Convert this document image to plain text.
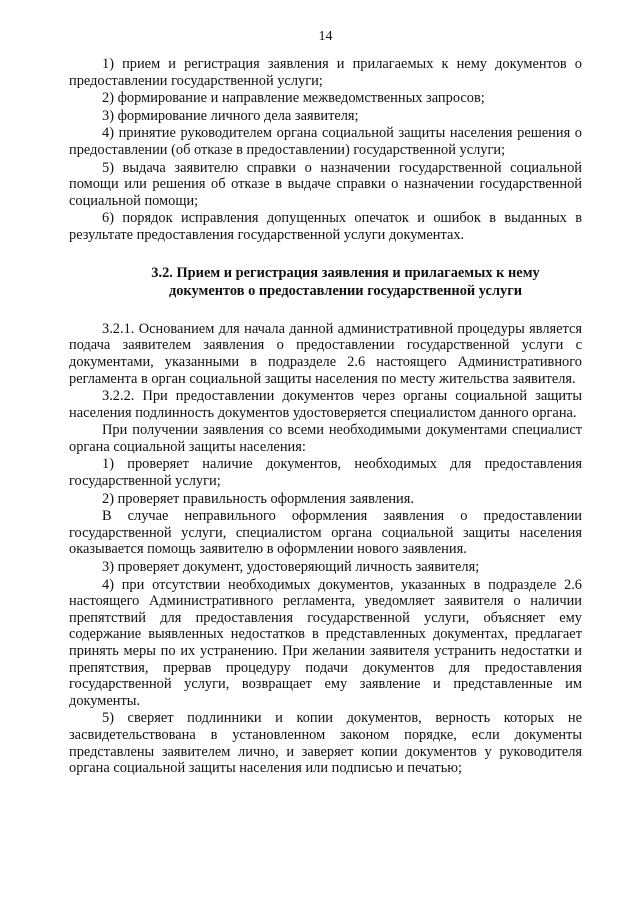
14

1) прием и регистрация заявления и прилагаемых к нему документов о предоставлении государственной услуги;

2) формирование и направление межведомственных запросов;

3) формирование личного дела заявителя;

4) принятие руководителем органа социальной защиты населения решения о предоставлении (об отказе в предоставлении) государственной услуги;

5) выдача заявителю справки о назначении государственной социальной помощи или решения об отказе в выдаче справки о назначении государственной социальной помощи;

6) порядок исправления допущенных опечаток и ошибок в выданных в результате предоставления государственной услуги документах.

3.2. Прием и регистрация заявления и прилагаемых к нему
документов о предоставлении государственной услуги

3.2.1. Основанием для начала данной административной процедуры является подача заявителем заявления о предоставлении государственной услуги с документами, указанными в подразделе 2.6 настоящего Административного регламента в орган социальной защиты населения по месту жительства заявителя.

3.2.2. При предоставлении документов через органы социальной защиты населения подлинность документов удостоверяется специалистом данного органа.

При получении заявления со всеми необходимыми документами специалист органа социальной защиты населения:

1) проверяет наличие документов, необходимых для предоставления государственной услуги;

2) проверяет правильность оформления заявления.

В случае неправильного оформления заявления о предоставлении государственной услуги, специалистом органа социальной защиты населения оказывается помощь заявителю в оформлении нового заявления.

3) проверяет документ, удостоверяющий личность заявителя;

4) при отсутствии необходимых документов, указанных в подразделе 2.6 настоящего Административного регламента, уведомляет заявителя о наличии препятствий для предоставления государственной услуги, объясняет ему содержание выявленных недостатков в представленных документах, предлагает принять меры по их устранению. При желании заявителя устранить недостатки и препятствия, прервав процедуру подачи документов для предоставления государственной услуги, возвращает ему заявление и представленные им документы.

5) сверяет подлинники и копии документов, верность которых не засвидетельствована в установленном законом порядке, если документы представлены заявителем лично, и заверяет копии документов у руководителя органа социальной защиты населения или подписью и печатью;
